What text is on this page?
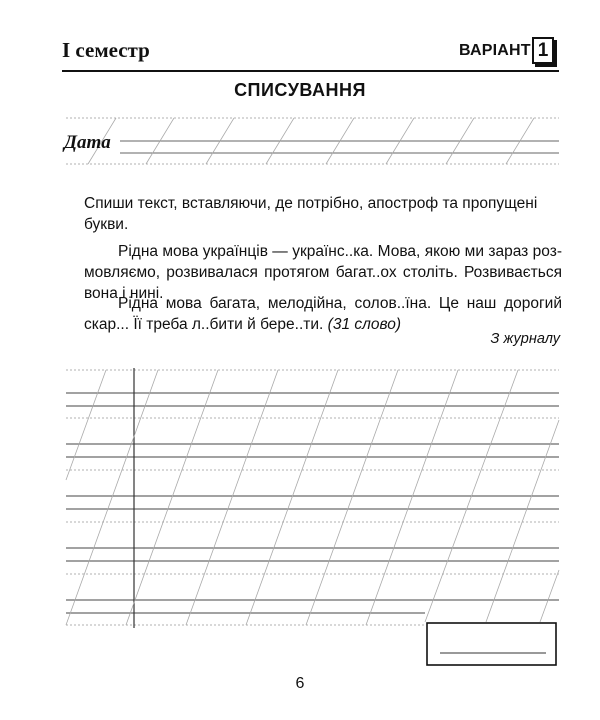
І семестр	ВАРІАНТ 1
СПИСУВАННЯ
Дата
Спиши текст, вставляючи, де потрібно, апостроф та пропущені букви.
Рідна мова українців — українс..ка. Мова, якою ми зараз розмовляємо, розвивалася протягом багат..ох століть. Розвивається вона і нині.
Рідна мова багата, мелодійна, солов..їна. Це наш дорогий скар... Її треба л..бити й бере..ти. (31 слово)
З журналу
6
